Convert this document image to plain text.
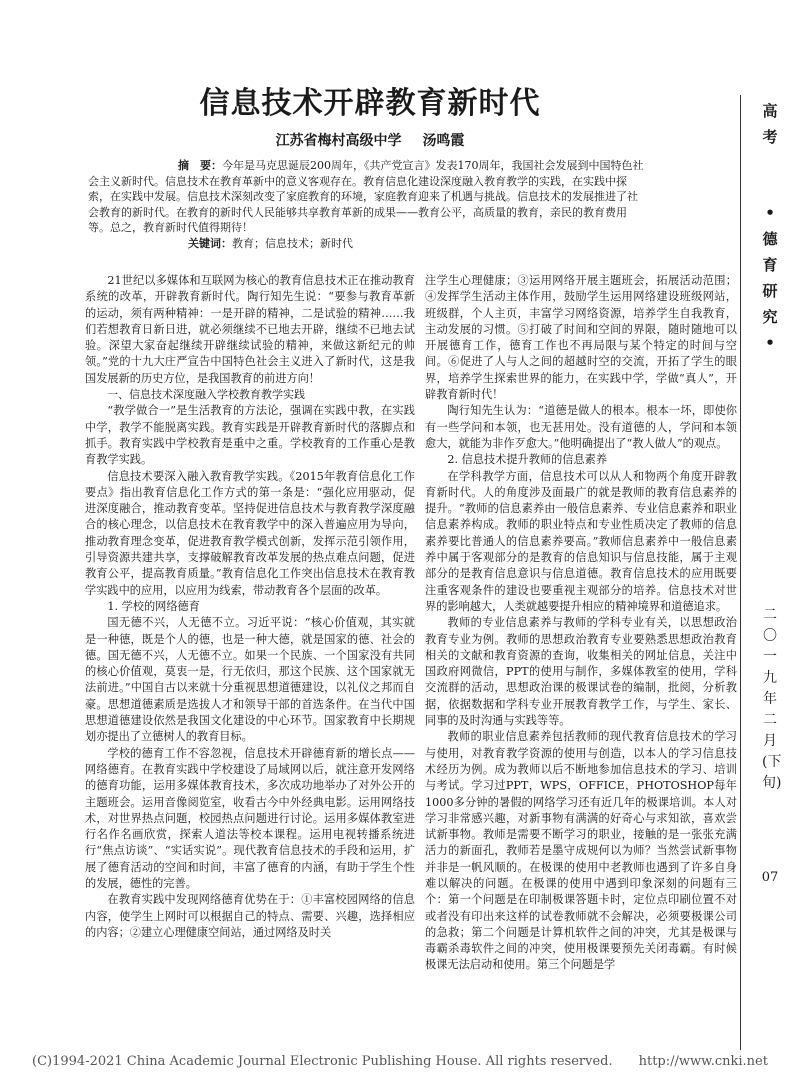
信息技术开辟教育新时代
江苏省梅村高级中学 汤鸣霞

摘　要：今年是马克思诞辰200周年，《共产党宣言》发表170周年，我国社会发展到中国特色社会主义新时代。信息技术在教育革新中的意义客观存在。教育信息化建设深度融入教育教学的实践，在实践中探索，在实践中发展。信息技术深刻改变了家庭教育的环境，家庭教育迎来了机遇与挑战。信息技术的发展推进了社会教育的新时代。在教育的新时代人民能够共享教育革新的成果——教育公平，高质量的教育，亲民的教育费用等。总之，教育新时代值得期待！

关键词：教育；信息技术；新时代

21世纪以多媒体和互联网为核心的教育信息技术正在推动教育系统的改革，开辟教育新时代。陶行知先生说：“要参与教育革新的运动，须有两种精神：一是开辟的精神，二是试验的精神……我们若想教育日新日进，就必须继续不已地去开辟，继续不已地去试验。深望大家奋起继续开辟继续试验的精神，来做这新纪元的帅领。”党的十九大庄严宣告中国特色社会主义进入了新时代，这是我国发展新的历史方位，是我国教育的前进方向！

一、信息技术深度融入学校教育教学实践

“教学做合一”是生活教育的方法论，强调在实践中教，在实践中学，教学不能脱离实践。教育实践是开辟教育新时代的落脚点和抓手。教育实践中学校教育是重中之重。学校教育的工作重心是教育教学实践。

信息技术要深入融入教育教学实践。《2015年教育信息化工作要点》指出教育信息化工作方式的第一条是：“强化应用驱动，促进深度融合，推动教育变革。坚持促进信息技术与教育教学深度融合的核心理念，以信息技术在教育教学中的深入普遍应用为导向，推动教育理念变革，促进教育教学模式创新，发挥示范引领作用，引导资源共建共享，支撑破解教育改革发展的热点难点问题，促进教育公平，提高教育质量。”教育信息化工作突出信息技术在教育教学实践中的应用，以应用为线索，带动教育各个层面的改革。

1. 学校的网络德育

国无德不兴，人无德不立。习近平说：“核心价值观，其实就是一种德，既是个人的德，也是一种大德，就是国家的德、社会的德。国无德不兴，人无德不立。如果一个民族、一个国家没有共同的核心价值观，莫衷一是，行无依归，那这个民族、这个国家就无法前进。”中国自古以来就十分重视思想道德建设，以礼仪之邦而自豪。思想道德素质是选拔人才和领导干部的首选条件。在当代中国思想道德建设依然是我国文化建设的中心环节。国家教育中长期规划亦提出了立德树人的教育目标。

学校的德育工作不容忽视，信息技术开辟德育新的增长点——网络德育。在教育实践中学校建设了局域网以后，就注意开发网络的德育功能，运用多媒体教育技术，多次成功地举办了对外公开的主题班会。运用音像阅览室，收看古今中外经典电影。运用网络技术，对世界热点问题，校园热点问题进行讨论。运用多媒体教室进行名作名画欣赏，探索人道法等校本课程。运用电视转播系统进行“焦点访谈”、“实话实说”。现代教育信息技术的手段和运用，扩展了德育活动的空间和时间，丰富了德育的内涵，有助于学生个性的发展，德性的完善。

在教育实践中发现网络德育优势在于：①丰富校园网络的信息内容，使学生上网时可以根据自己的特点、需要、兴趣，选择相应的内容；②建立心理健康空间站，通过网络及时关

注学生心理健康；③运用网络开展主题班会，拓展活动范围；④发挥学生活动主体作用，鼓励学生运用网络建设班级网站，班级群，个人主页，丰富学习网络资源，培养学生自我教育，主动发展的习惯。⑤打破了时间和空间的界限，随时随地可以开展德育工作，德育工作也不再局限与某个特定的时间与空间。⑥促进了人与人之间的超越时空的交流，开拓了学生的眼界，培养学生探索世界的能力，在实践中学，学做“真人”，开辟教育新时代！

陶行知先生认为：“道德是做人的根本。根本一坏，即使你有一些学问和本领，也无甚用处。没有道德的人，学问和本领愈大，就能为非作歹愈大。”他明确提出了“教人做人”的观点。

2. 信息技术提升教师的信息素养

在学科教学方面，信息技术可以从人和物两个角度开辟教育新时代。人的角度涉及面最广的就是教师的教育信息素养的提升。“教师的信息素养由一般信息素养、专业信息素养和职业信息素养构成。教师的职业特点和专业性质决定了教师的信息素养要比普通人的信息素养要高。”教师信息素养中一般信息素养中属于客观部分的是教育的信息知识与信息技能，属于主观部分的是教育信息意识与信息道德。教育信息技术的应用既要注重客观条件的建设也要重视主观部分的培养。信息技术对世界的影响越大，人类就越要提升相应的精神境界和道德追求。

教师的专业信息素养与教师的学科专业有关，以思想政治教育专业为例。教师的思想政治教育专业要熟悉思想政治教育相关的文献和教育资源的查询，收集相关的网址信息，关注中国政府网微信，PPT的使用与制作，多媒体教室的使用，学科交流群的活动，思想政治课的极课试卷的编制，批阅，分析教据，依据数据和学科专业开展教育教学工作，与学生、家长、同事的及时沟通与实践等等。

教师的职业信息素养包括教师的现代教育信息技术的学习与使用，对教育教学资源的使用与创造，以本人的学习信息技术经历为例。成为教师以后不断地参加信息技术的学习、培训与考试。学习过PPT，WPS，OFFICE，PHOTOSHOP每年1000多分钟的暑假的网络学习还有近几年的极课培训。本人对学习非常感兴趣，对新事物有满满的好奇心与求知欲，喜欢尝试新事物。教师是需要不断学习的职业，接触的是一张张充满活力的新面孔，教师若是墨守成规何以为师？当然尝试新事物并非是一帆风顺的。在极课的使用中老教师也遇到了许多自身难以解决的问题。在极课的使用中遇到印象深刻的问题有三个：第一个问题是在印制极课答题卡时，定位点印刷位置不对或者没有印出来这样的试卷教师就不会解决，必须要极课公司的急救；第二个问题是计算机软件之间的冲突，尤其是极课与毒霸杀毒软件之间的冲突，使用极课要预先关闭毒霸。有时候极课无法启动和使用。第三个问题是学

高
考
•
德
育
研
究
•
二〇一九年二月(下旬)
07
(C)1994-2021 China Academic Journal Electronic Publishing House. All rights reserved.　　http://www.cnki.net
